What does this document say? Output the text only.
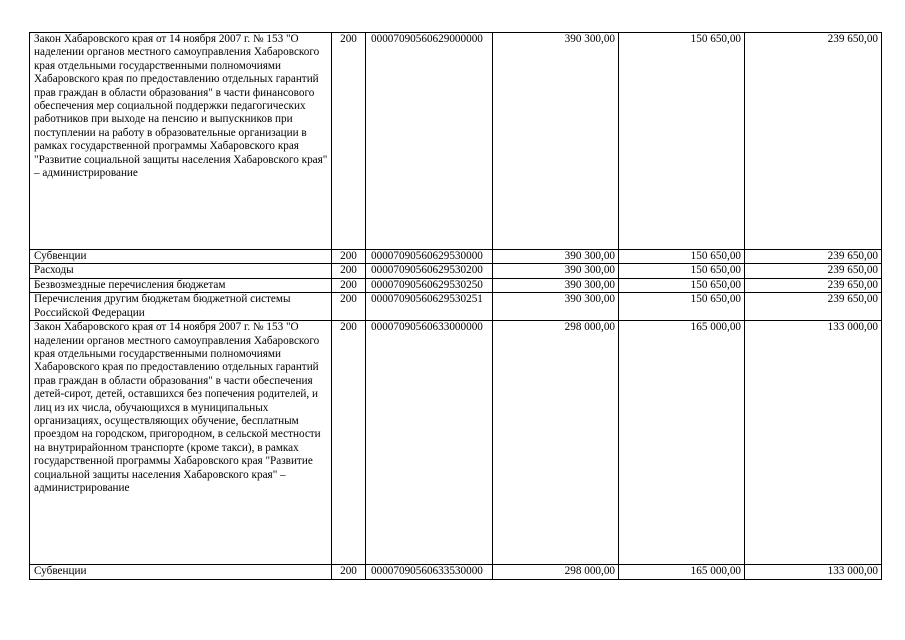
Закон Хабаровского края от 14 ноября 2007 г. № 153 "О наделении органов местного самоуправления Хабаровского края отдельными государственными полномочиями Хабаровского края по предоставлению отдельных гарантий прав граждан в области образования" в части финансового обеспечения мер социальной поддержки педагогических работников при выходе на пенсию и выпускников при поступлении на работу в образовательные организации в рамках государственной программы Хабаровского края "Развитие социальной защиты населения Хабаровского края" – администрирование	200	00007090560629000000	390 300,00	150 650,00	239 650,00
Субвенции	200	00007090560629530000	390 300,00	150 650,00	239 650,00
Расходы	200	00007090560629530200	390 300,00	150 650,00	239 650,00
Безвозмездные перечисления бюджетам	200	00007090560629530250	390 300,00	150 650,00	239 650,00
Перечисления другим бюджетам бюджетной системы Российской Федерации	200	00007090560629530251	390 300,00	150 650,00	239 650,00
Закон Хабаровского края от 14 ноября 2007 г. № 153 "О наделении органов местного самоуправления Хабаровского края отдельными государственными полномочиями Хабаровского края по предоставлению отдельных гарантий прав граждан в области образования" в части обеспечения детей-сирот, детей, оставшихся без попечения родителей, и лиц из их числа, обучающихся в муниципальных организациях, осуществляющих обучение, бесплатным проездом на городском, пригородном, в сельской местности на внутрирайонном транспорте (кроме такси), в рамках государственной программы Хабаровского края "Развитие социальной защиты населения Хабаровского края" – администрирование	200	00007090560633000000	298 000,00	165 000,00	133 000,00
Субвенции	200	00007090560633530000	298 000,00	165 000,00	133 000,00
